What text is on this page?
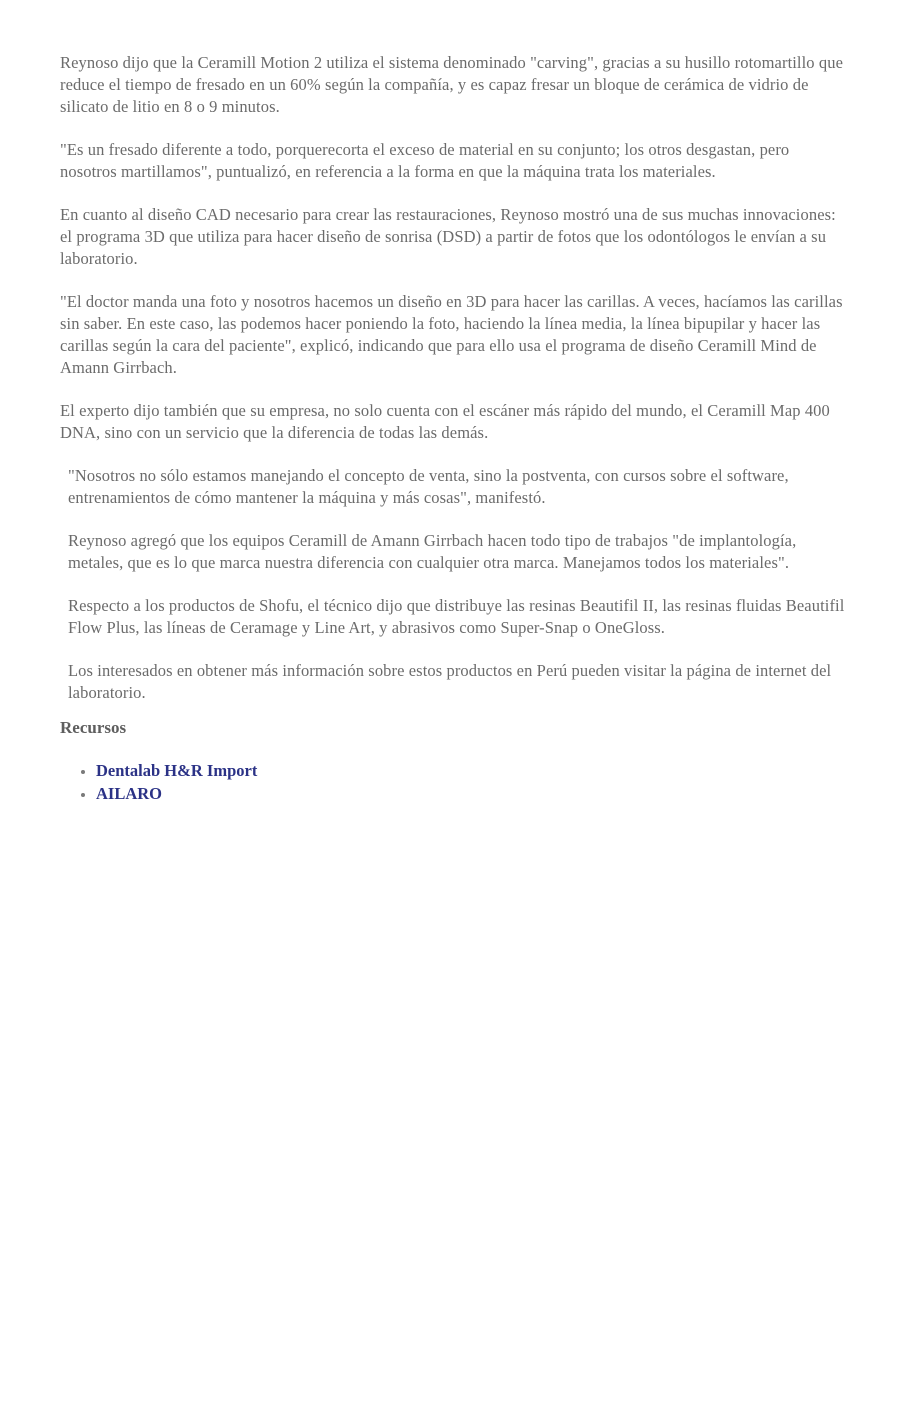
Reynoso dijo que la Ceramill Motion 2 utiliza el sistema denominado "carving", gracias a su husillo rotomartillo que reduce el tiempo de fresado en un 60% según la compañía, y es capaz fresar un bloque de cerámica de vidrio de silicato de litio en 8 o 9 minutos.

"Es un fresado diferente a todo, porquerecorta el exceso de material en su conjunto; los otros desgastan, pero nosotros martillamos", puntualizó, en referencia a la forma en que la máquina trata los materiales.

En cuanto al diseño CAD necesario para crear las restauraciones, Reynoso mostró una de sus muchas innovaciones: el programa 3D que utiliza para hacer diseño de sonrisa (DSD) a partir de fotos que los odontólogos le envían a su laboratorio.

"El doctor manda una foto y nosotros hacemos un diseño en 3D para hacer las carillas. A veces, hacíamos las carillas sin saber. En este caso, las podemos hacer poniendo la foto, haciendo la línea media, la línea bipupilar y hacer las carillas según la cara del paciente", explicó, indicando que para ello usa el programa de diseño Ceramill Mind de Amann Girrbach.

El experto dijo también que su empresa, no solo cuenta con el escáner más rápido del mundo, el Ceramill Map 400 DNA, sino con un servicio que la diferencia de todas las demás.

"Nosotros no sólo estamos manejando el concepto de venta, sino la postventa, con cursos sobre el software, entrenamientos de cómo mantener la máquina y más cosas", manifestó.

Reynoso agregó que los equipos Ceramill de Amann Girrbach hacen todo tipo de trabajos "de implantología, metales, que es lo que marca nuestra diferencia con cualquier otra marca. Manejamos todos los materiales".

Respecto a los productos de Shofu, el técnico dijo que distribuye las resinas Beautifil II, las resinas fluidas Beautifil Flow Plus, las líneas de Ceramage y Line Art, y abrasivos como Super-Snap o OneGloss.

Los interesados en obtener más información sobre estos productos en Perú pueden visitar la página de internet del laboratorio.

Recursos
• Dentalab H&R Import
• AILARO
